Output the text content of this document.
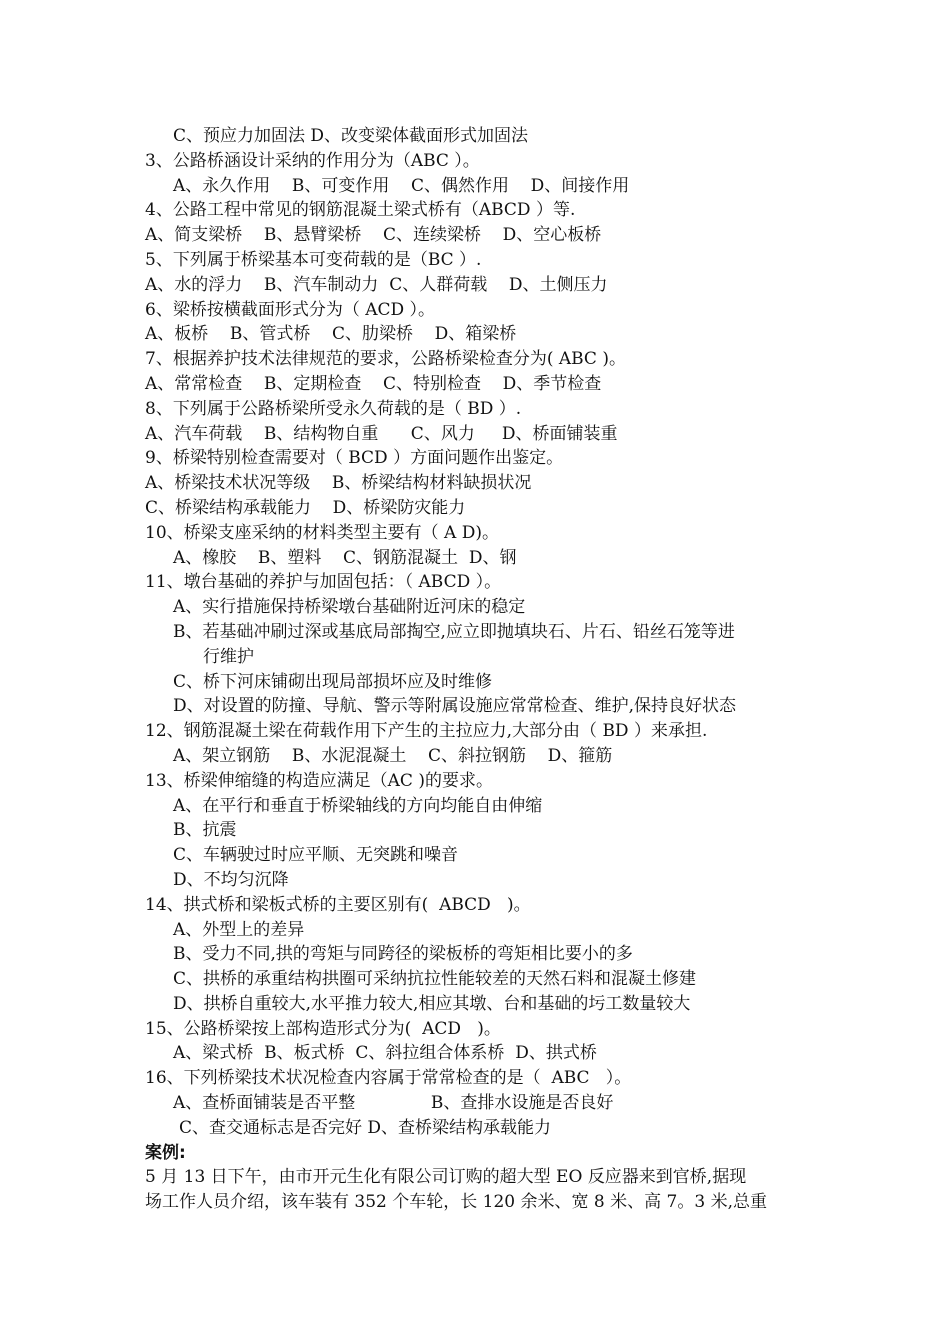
C、预应力加固法 D、改变梁体截面形式加固法
3、公路桥涵设计采纳的作用分为（ABC ）。
A、永久作用    B、可变作用    C、偶然作用    D、间接作用
4、公路工程中常见的钢筋混凝土梁式桥有（ABCD ）等.
A、简支梁桥    B、悬臂梁桥    C、连续梁桥    D、空心板桥
5、下列属于桥梁基本可变荷载的是（BC ）.
A、水的浮力    B、汽车制动力  C、人群荷载    D、土侧压力
6、梁桥按横截面形式分为（ ACD ）。
A、板桥    B、管式桥    C、肋梁桥    D、箱梁桥
7、根据养护技术法律规范的要求，公路桥梁检查分为( ABC )。
A、常常检查    B、定期检查    C、特别检查    D、季节检查
8、下列属于公路桥梁所受永久荷载的是（ BD ）.
A、汽车荷载    B、结构物自重      C、风力     D、桥面铺装重
9、桥梁特别检查需要对（ BCD ）方面问题作出鉴定。
A、桥梁技术状况等级    B、桥梁结构材料缺损状况
C、桥梁结构承载能力    D、桥梁防灾能力
10、桥梁支座采纳的材料类型主要有（ A D)。
A、橡胶    B、塑料    C、钢筋混凝土  D、钢
11、墩台基础的养护与加固包括：（ ABCD ）。
A、实行措施保持桥梁墩台基础附近河床的稳定
B、若基础冲刷过深或基底局部掏空,应立即抛填块石、片石、铅丝石笼等进
行维护
C、桥下河床铺砌出现局部损坏应及时维修
D、对设置的防撞、导航、警示等附属设施应常常检查、维护,保持良好状态
12、钢筋混凝土梁在荷载作用下产生的主拉应力,大部分由（ BD ）来承担.
A、架立钢筋    B、水泥混凝土    C、斜拉钢筋    D、箍筋
13、桥梁伸缩缝的构造应满足（AC )的要求。
A、在平行和垂直于桥梁轴线的方向均能自由伸缩
B、抗震
C、车辆驶过时应平顺、无突跳和噪音
D、不均匀沉降
14、拱式桥和梁板式桥的主要区别有(  ABCD   )。
A、外型上的差异
B、受力不同,拱的弯矩与同跨径的梁板桥的弯矩相比要小的多
C、拱桥的承重结构拱圈可采纳抗拉性能较差的天然石料和混凝土修建
D、拱桥自重较大,水平推力较大,相应其墩、台和基础的圬工数量较大
15、公路桥梁按上部构造形式分为(  ACD   )。
A、梁式桥  B、板式桥  C、斜拉组合体系桥  D、拱式桥
16、下列桥梁技术状况检查内容属于常常检查的是（  ABC   ）。
A、查桥面铺装是否平整              B、查排水设施是否良好
C、查交通标志是否完好 D、查桥梁结构承载能力
案例:
5 月 13 日下午，由市开元生化有限公司订购的超大型 EO 反应器来到官桥,据现
场工作人员介绍，该车装有 352 个车轮，长 120 余米、宽 8 米、高 7。3 米,总重
